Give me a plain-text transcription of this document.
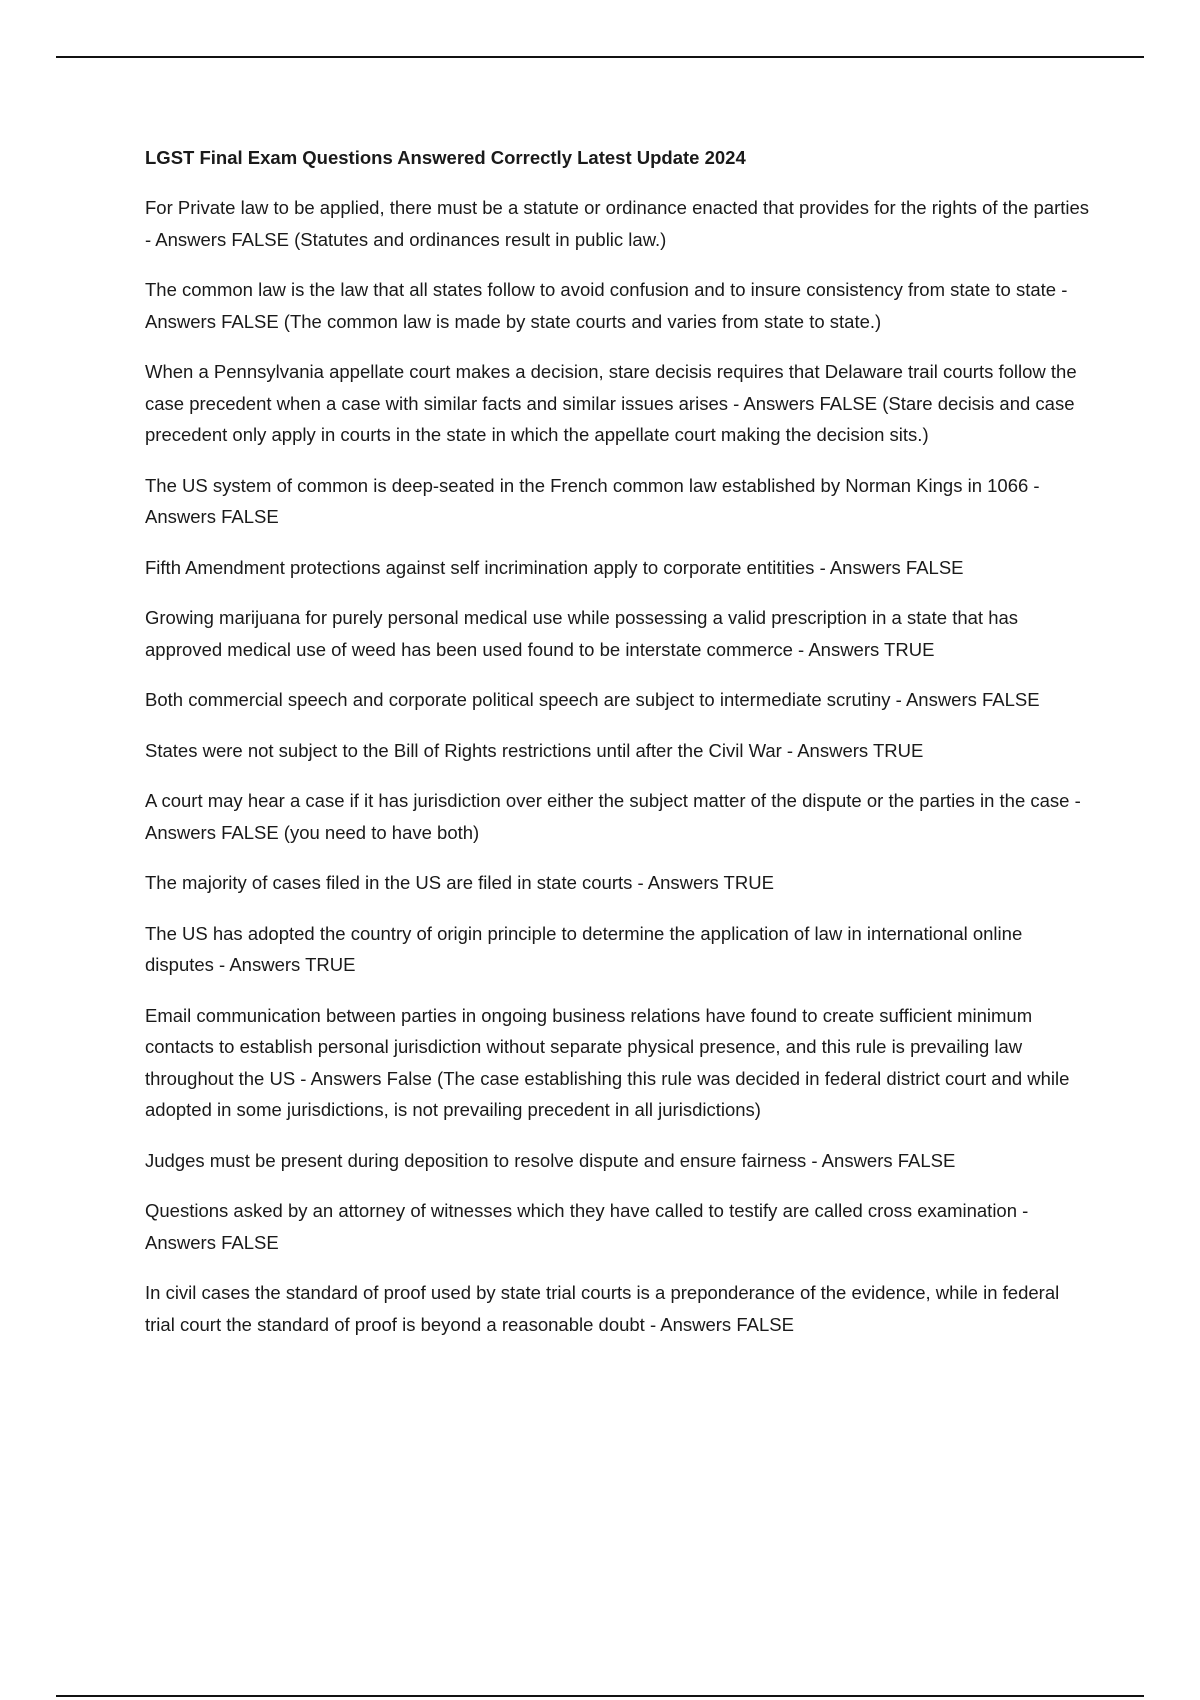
LGST Final Exam Questions Answered Correctly Latest Update 2024
For Private law to be applied, there must be a statute or ordinance enacted that provides for the rights of the parties - Answers FALSE (Statutes and ordinances result in public law.)
The common law is the law that all states follow to avoid confusion and to insure consistency from state to state - Answers FALSE (The common law is made by state courts and varies from state to state.)
When a Pennsylvania appellate court makes a decision, stare decisis requires that Delaware trail courts follow the case precedent when a case with similar facts and similar issues arises - Answers FALSE (Stare decisis and case precedent only apply in courts in the state in which the appellate court making the decision sits.)
The US system of common is deep-seated in the French common law established by Norman Kings in 1066 - Answers FALSE
Fifth Amendment protections against self incrimination apply to corporate entitities - Answers FALSE
Growing marijuana for purely personal medical use while possessing a valid prescription in a state that has approved medical use of weed has been used found to be interstate commerce - Answers TRUE
Both commercial speech and corporate political speech are subject to intermediate scrutiny - Answers FALSE
States were not subject to the Bill of Rights restrictions until after the Civil War - Answers TRUE
A court may hear a case if it has jurisdiction over either the subject matter of the dispute or the parties in the case - Answers FALSE (you need to have both)
The majority of cases filed in the US are filed in state courts - Answers TRUE
The US has adopted the country of origin principle to determine the application of law in international online disputes - Answers TRUE
Email communication between parties in ongoing business relations have found to create sufficient minimum contacts to establish personal jurisdiction without separate physical presence, and this rule is prevailing law throughout the US - Answers False (The case establishing this rule was decided in federal district court and while adopted in some jurisdictions, is not prevailing precedent in all jurisdictions)
Judges must be present during deposition to resolve dispute and ensure fairness - Answers FALSE
Questions asked by an attorney of witnesses which they have called to testify are called cross examination - Answers FALSE
In civil cases the standard of proof used by state trial courts is a preponderance of the evidence, while in federal trial court the standard of proof is beyond a reasonable doubt - Answers FALSE
